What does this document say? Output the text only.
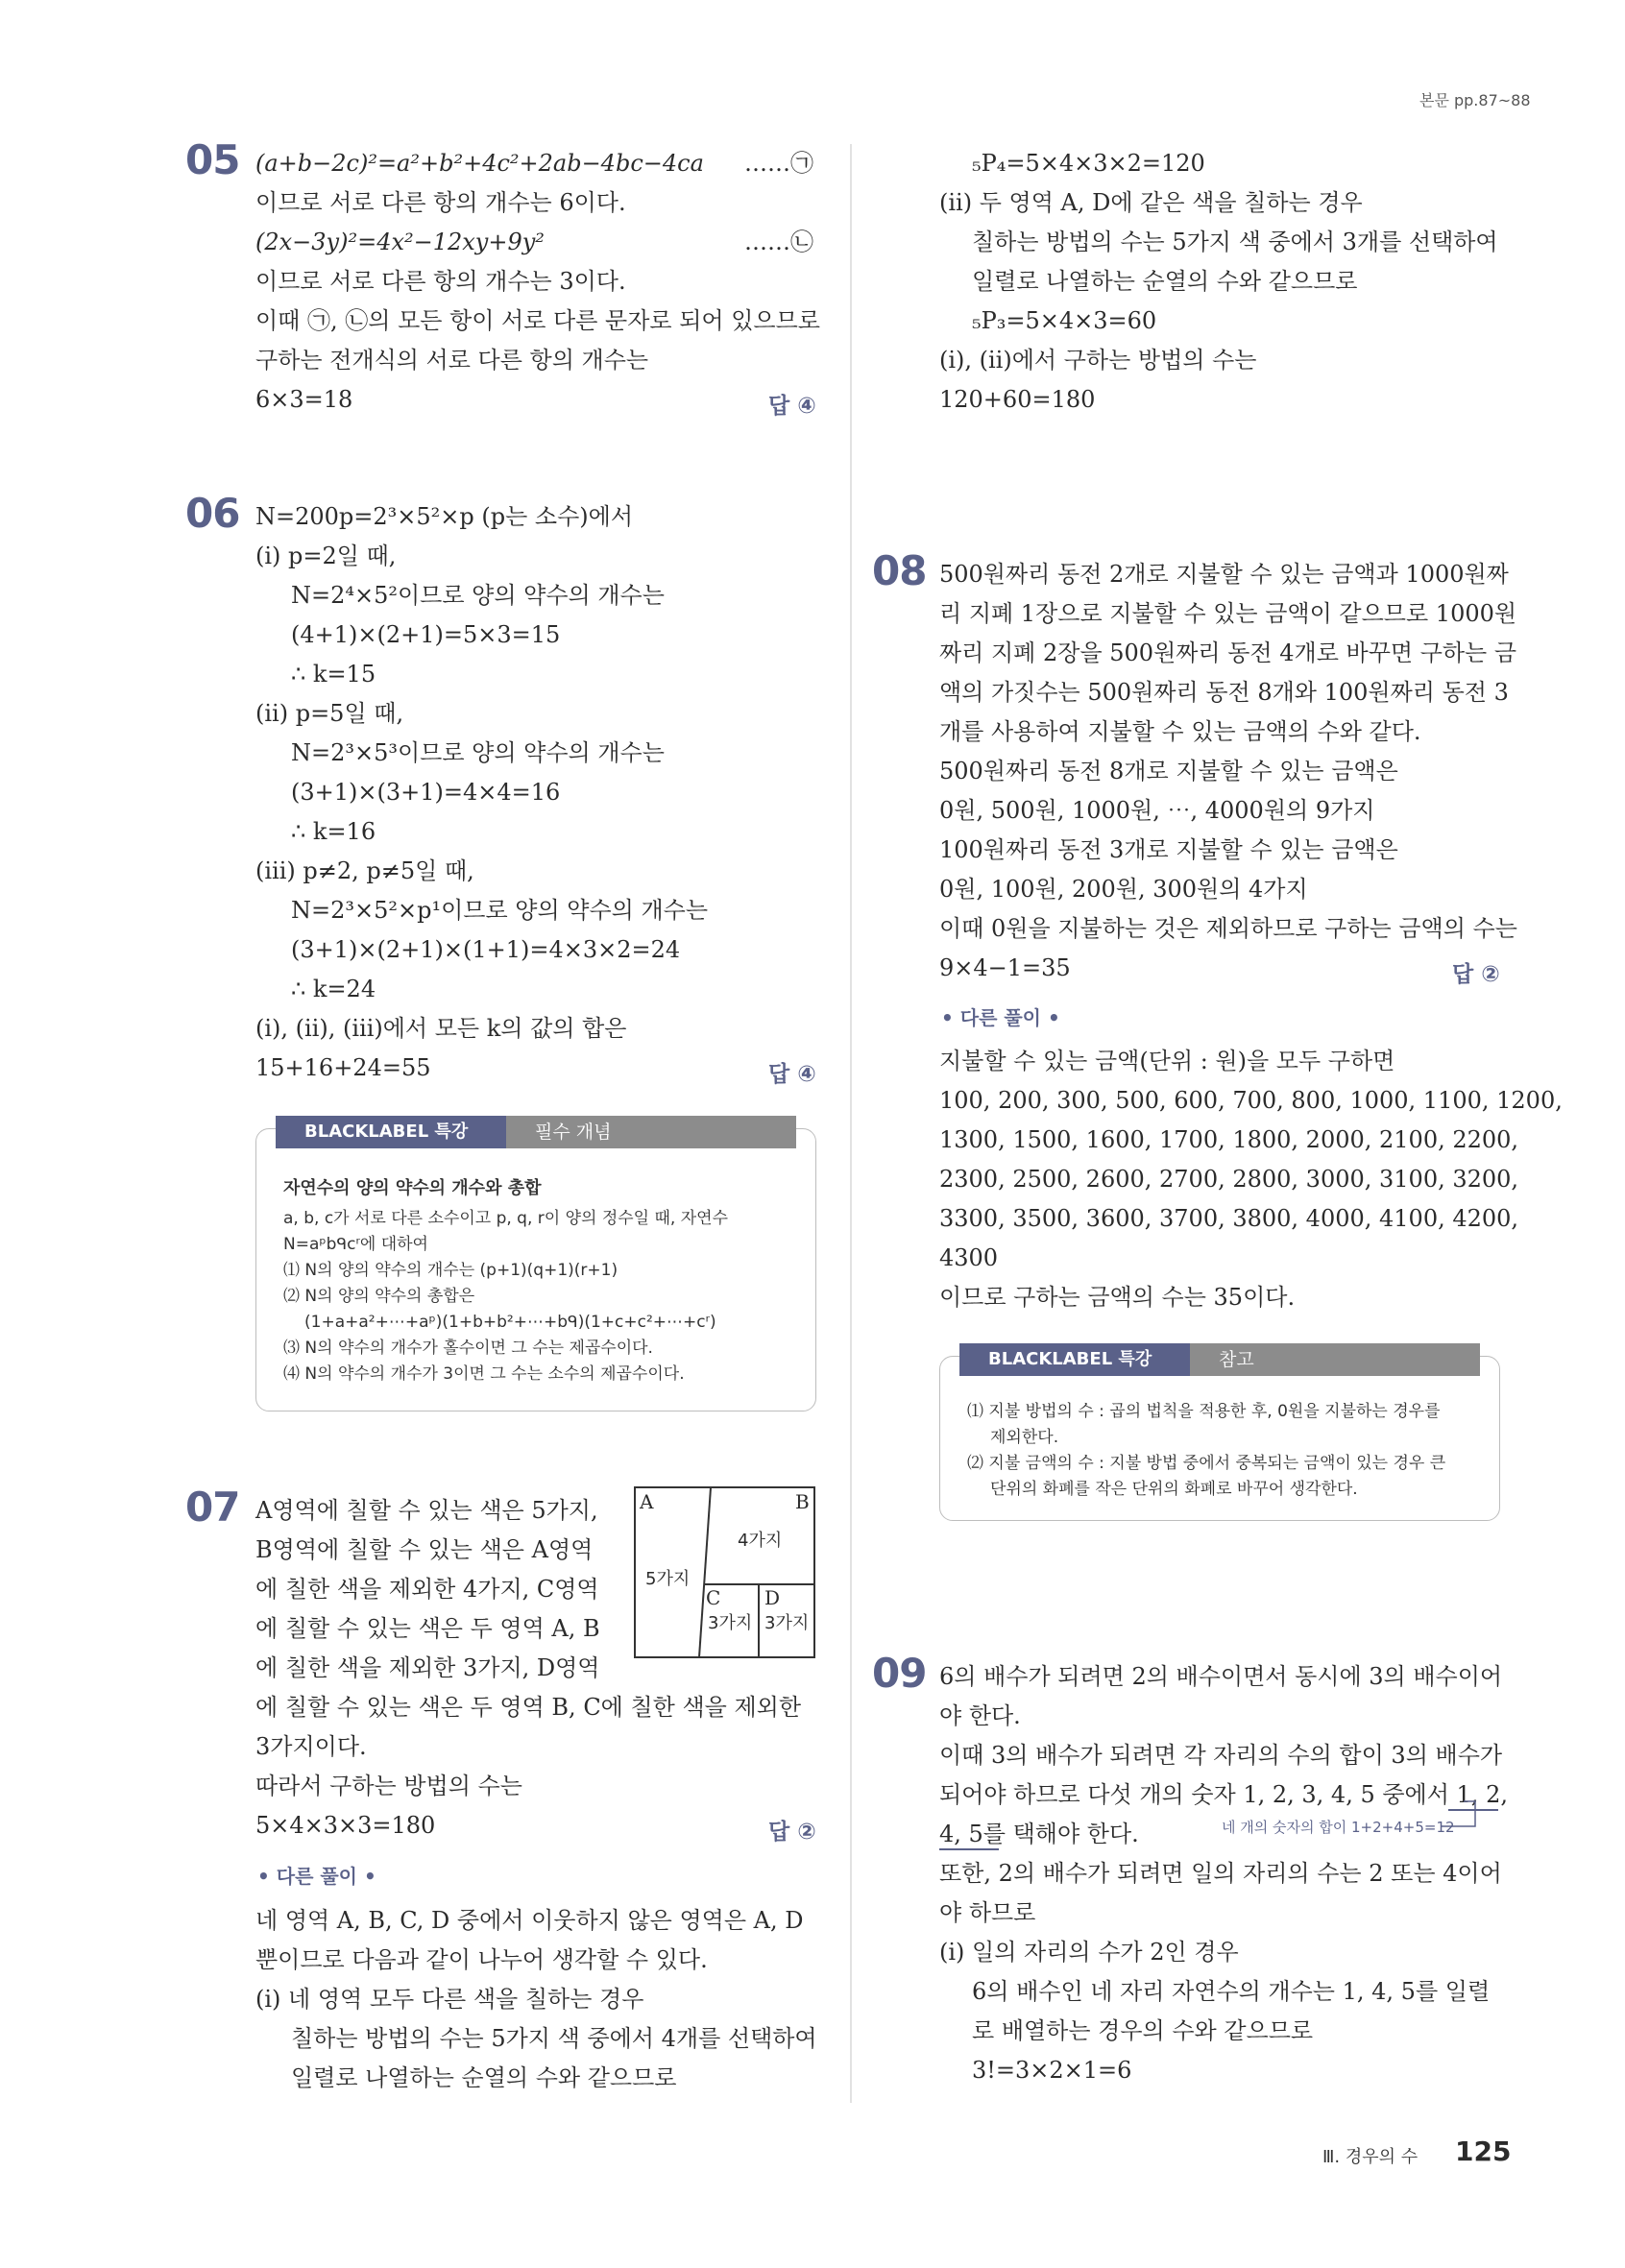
본문 pp.87~88
05 (a+b−2c)²=a²+b²+4c²+2ab−4bc−4ca ……㉠
이므로 서로 다른 항의 개수는 6이다.
(2x−3y)²=4x²−12xy+9y²	……㉡
이므로 서로 다른 항의 개수는 3이다.
이때 ㉠, ㉡의 모든 항이 서로 다른 문자로 되어 있으므로
구하는 전개식의 서로 다른 항의 개수는
6×3=18	답 ④
06 N=200p=2³×5²×p (p는 소수)에서
(ⅰ) p=2일 때,
N=2⁴×5²이므로 양의 약수의 개수는
(4+1)×(2+1)=5×3=15
∴ k=15
(ⅱ) p=5일 때,
N=2³×5³이므로 양의 약수의 개수는
(3+1)×(3+1)=4×4=16
∴ k=16
(ⅲ) p≠2, p≠5일 때,
N=2³×5²×p¹이므로 양의 약수의 개수는
(3+1)×(2+1)×(1+1)=4×3×2=24
∴ k=24
(ⅰ), (ⅱ), (ⅲ)에서 모든 k의 값의 합은
15+16+24=55	답 ④
BLACKLABEL 특강	필수 개념
자연수의 양의 약수의 개수와 총합
a, b, c가 서로 다른 소수이고 p, q, r이 양의 정수일 때, 자연수
N=aᵖbᑫcʳ에 대하여
⑴ N의 양의 약수의 개수는 (p+1)(q+1)(r+1)
⑵ N의 양의 약수의 총합은
(1+a+a²+⋯+aᵖ)(1+b+b²+⋯+bᑫ)(1+c+c²+⋯+cʳ)
⑶ N의 약수의 개수가 홀수이면 그 수는 제곱수이다.
⑷ N의 약수의 개수가 3이면 그 수는 소수의 제곱수이다.
07 A영역에 칠할 수 있는 색은 5가지,
B영역에 칠할 수 있는 색은 A영역
에 칠한 색을 제외한 4가지, C영역
에 칠할 수 있는 색은 두 영역 A, B
에 칠한 색을 제외한 3가지, D영역
에 칠할 수 있는 색은 두 영역 B, C에 칠한 색을 제외한
3가지이다.
따라서 구하는 방법의 수는
5×4×3×3=180	답 ②
A	B
4가지
5가지
C D
3가지 3가지
• 다른 풀이 •
네 영역 A, B, C, D 중에서 이웃하지 않은 영역은 A, D
뿐이므로 다음과 같이 나누어 생각할 수 있다.
(ⅰ) 네 영역 모두 다른 색을 칠하는 경우
칠하는 방법의 수는 5가지 색 중에서 4개를 선택하여
일렬로 나열하는 순열의 수와 같으므로
₅P₄=5×4×3×2=120
(ⅱ) 두 영역 A, D에 같은 색을 칠하는 경우
칠하는 방법의 수는 5가지 색 중에서 3개를 선택하여
일렬로 나열하는 순열의 수와 같으므로
₅P₃=5×4×3=60
(ⅰ), (ⅱ)에서 구하는 방법의 수는
120+60=180
08 500원짜리 동전 2개로 지불할 수 있는 금액과 1000원짜
리 지폐 1장으로 지불할 수 있는 금액이 같으므로 1000원
짜리 지폐 2장을 500원짜리 동전 4개로 바꾸면 구하는 금
액의 가짓수는 500원짜리 동전 8개와 100원짜리 동전 3
개를 사용하여 지불할 수 있는 금액의 수와 같다.
500원짜리 동전 8개로 지불할 수 있는 금액은
0원, 500원, 1000원, ⋯, 4000원의 9가지
100원짜리 동전 3개로 지불할 수 있는 금액은
0원, 100원, 200원, 300원의 4가지
이때 0원을 지불하는 것은 제외하므로 구하는 금액의 수는
9×4−1=35	답 ②
• 다른 풀이 •
지불할 수 있는 금액(단위 : 원)을 모두 구하면
100, 200, 300, 500, 600, 700, 800, 1000, 1100, 1200,
1300, 1500, 1600, 1700, 1800, 2000, 2100, 2200,
2300, 2500, 2600, 2700, 2800, 3000, 3100, 3200,
3300, 3500, 3600, 3700, 3800, 4000, 4100, 4200,
4300
이므로 구하는 금액의 수는 35이다.
BLACKLABEL 특강	참고
⑴ 지불 방법의 수 : 곱의 법칙을 적용한 후, 0원을 지불하는 경우를
제외한다.
⑵ 지불 금액의 수 : 지불 방법 중에서 중복되는 금액이 있는 경우 큰
단위의 화폐를 작은 단위의 화폐로 바꾸어 생각한다.
09 6의 배수가 되려면 2의 배수이면서 동시에 3의 배수이어
야 한다.
이때 3의 배수가 되려면 각 자리의 수의 합이 3의 배수가
되어야 하므로 다섯 개의 숫자 1, 2, 3, 4, 5 중에서 1, 2,
4, 5를 택해야 한다.	네 개의 숫자의 합이 1+2+4+5=12
또한, 2의 배수가 되려면 일의 자리의 수는 2 또는 4이어
야 하므로
(ⅰ) 일의 자리의 수가 2인 경우
6의 배수인 네 자리 자연수의 개수는 1, 4, 5를 일렬
로 배열하는 경우의 수와 같으므로
3!=3×2×1=6
Ⅲ. 경우의 수 125
